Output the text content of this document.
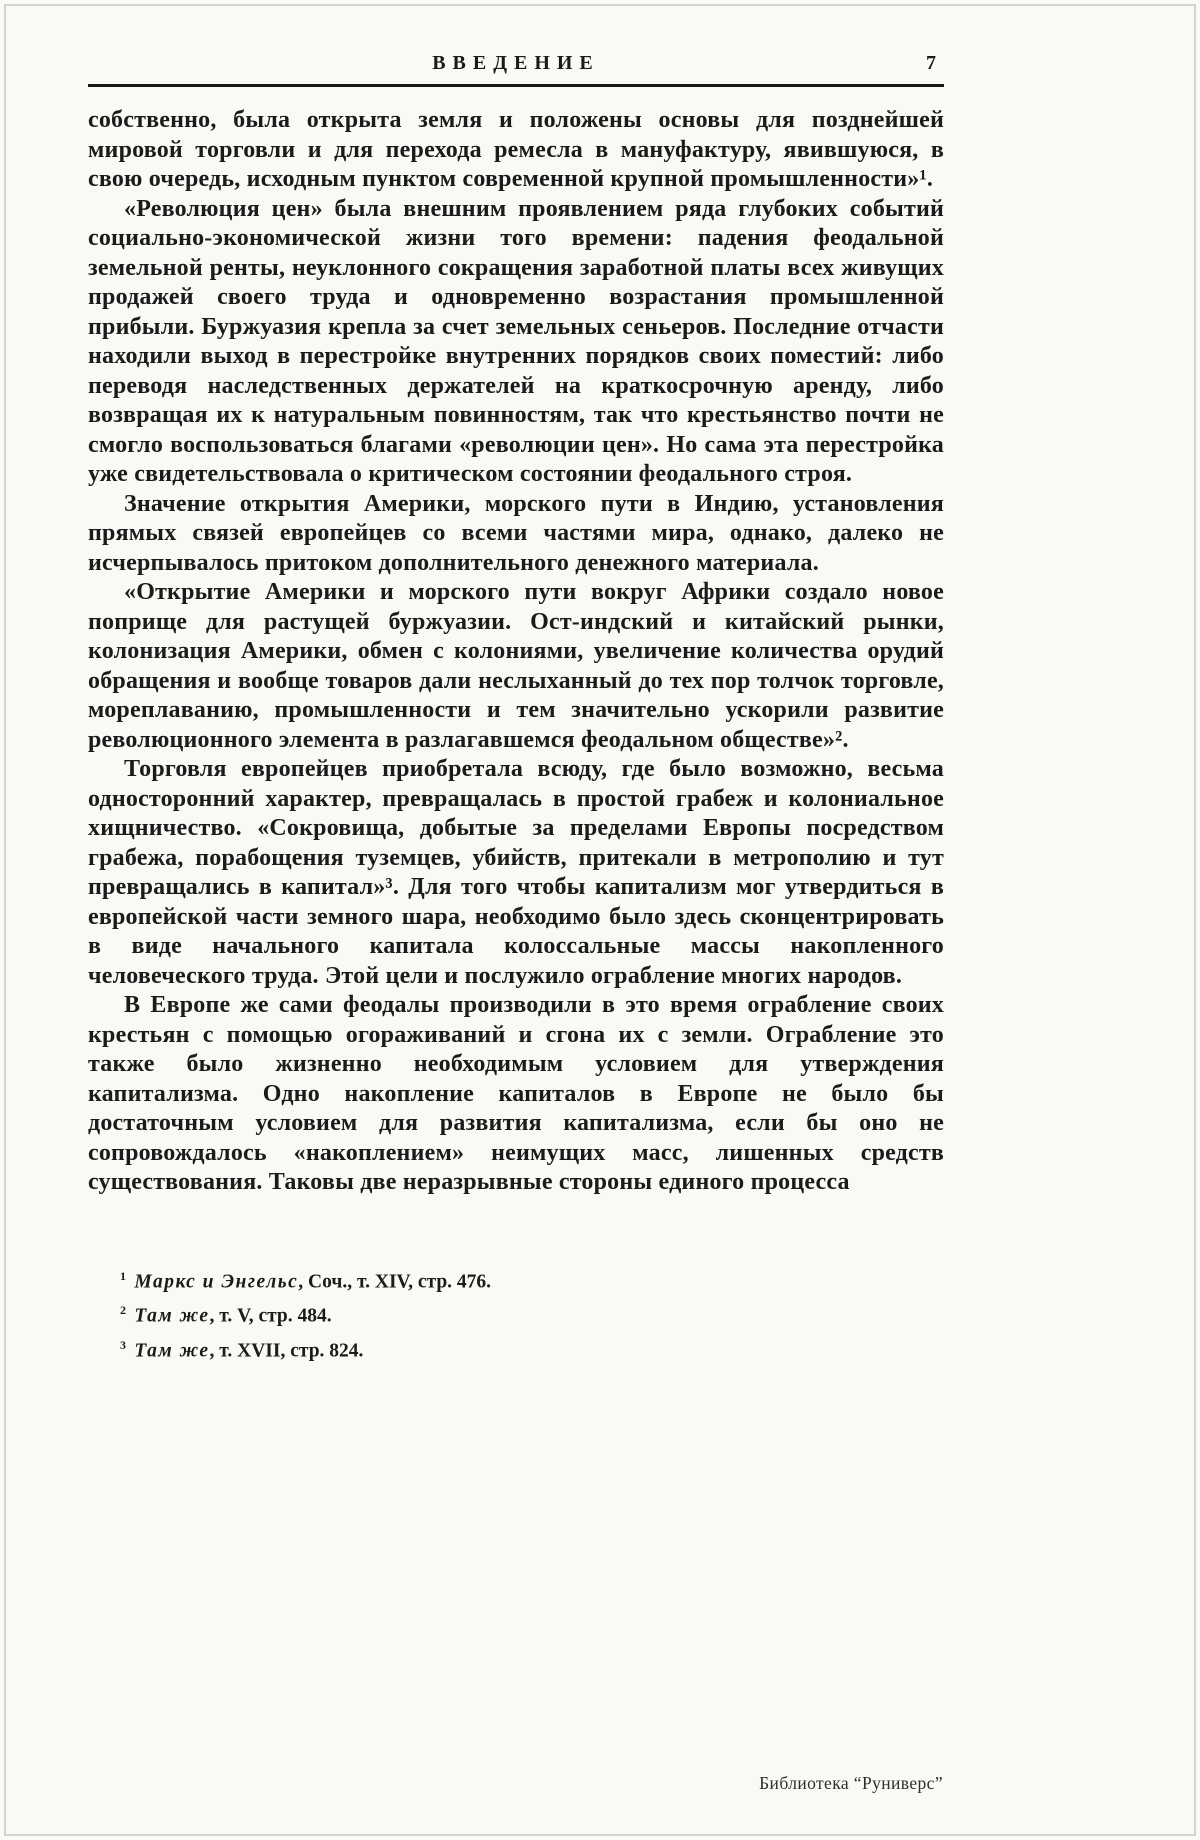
ВВЕДЕНИЕ	7

собственно, была открыта земля и положены основы для позднейшей мировой торговли и для перехода ремесла в мануфактуру, явившуюся, в свою очередь, исходным пунктом современной крупной промышленности»¹.

«Революция цен» была внешним проявлением ряда глубоких событий социально-экономической жизни того времени: падения феодальной земельной ренты, неуклонного сокращения заработной платы всех живущих продажей своего труда и одновременно возрастания промышленной прибыли. Буржуазия крепла за счет земельных сеньеров. Последние отчасти находили выход в перестройке внутренних порядков своих поместий: либо переводя наследственных держателей на краткосрочную аренду, либо возвращая их к натуральным повинностям, так что крестьянство почти не смогло воспользоваться благами «революции цен». Но сама эта перестройка уже свидетельствовала о критическом состоянии феодального строя.

Значение открытия Америки, морского пути в Индию, установления прямых связей европейцев со всеми частями мира, однако, далеко не исчерпывалось притоком дополнительного денежного материала.

«Открытие Америки и морского пути вокруг Африки создало новое поприще для растущей буржуазии. Ост-индский и китайский рынки, колонизация Америки, обмен с колониями, увеличение количества орудий обращения и вообще товаров дали неслыханный до тех пор толчок торговле, мореплаванию, промышленности и тем значительно ускорили развитие революционного элемента в разлагавшемся феодальном обществе»².

Торговля европейцев приобретала всюду, где было возможно, весьма односторонний характер, превращалась в простой грабеж и колониальное хищничество. «Сокровища, добытые за пределами Европы посредством грабежа, порабощения туземцев, убийств, притекали в метрополию и тут превращались в капитал»³. Для того чтобы капитализм мог утвердиться в европейской части земного шара, необходимо было здесь сконцентрировать в виде начального капитала колоссальные массы накопленного человеческого труда. Этой цели и послужило ограбление многих народов.

В Европе же сами феодалы производили в это время ограбление своих крестьян с помощью огораживаний и сгона их с земли. Ограбление это также было жизненно необходимым условием для утверждения капитализма. Одно накопление капиталов в Европе не было бы достаточным условием для развития капитализма, если бы оно не сопровождалось «накоплением» неимущих масс, лишенных средств существования. Таковы две неразрывные стороны единого процесса

$^1$ Маркс и Энгельс, Соч., т. XIV, стр. 476.

$^2$ Там же, т. V, стр. 484.

$^3$ Там же, т. XVII, стр. 824.

Библиотека “Руниверс”
